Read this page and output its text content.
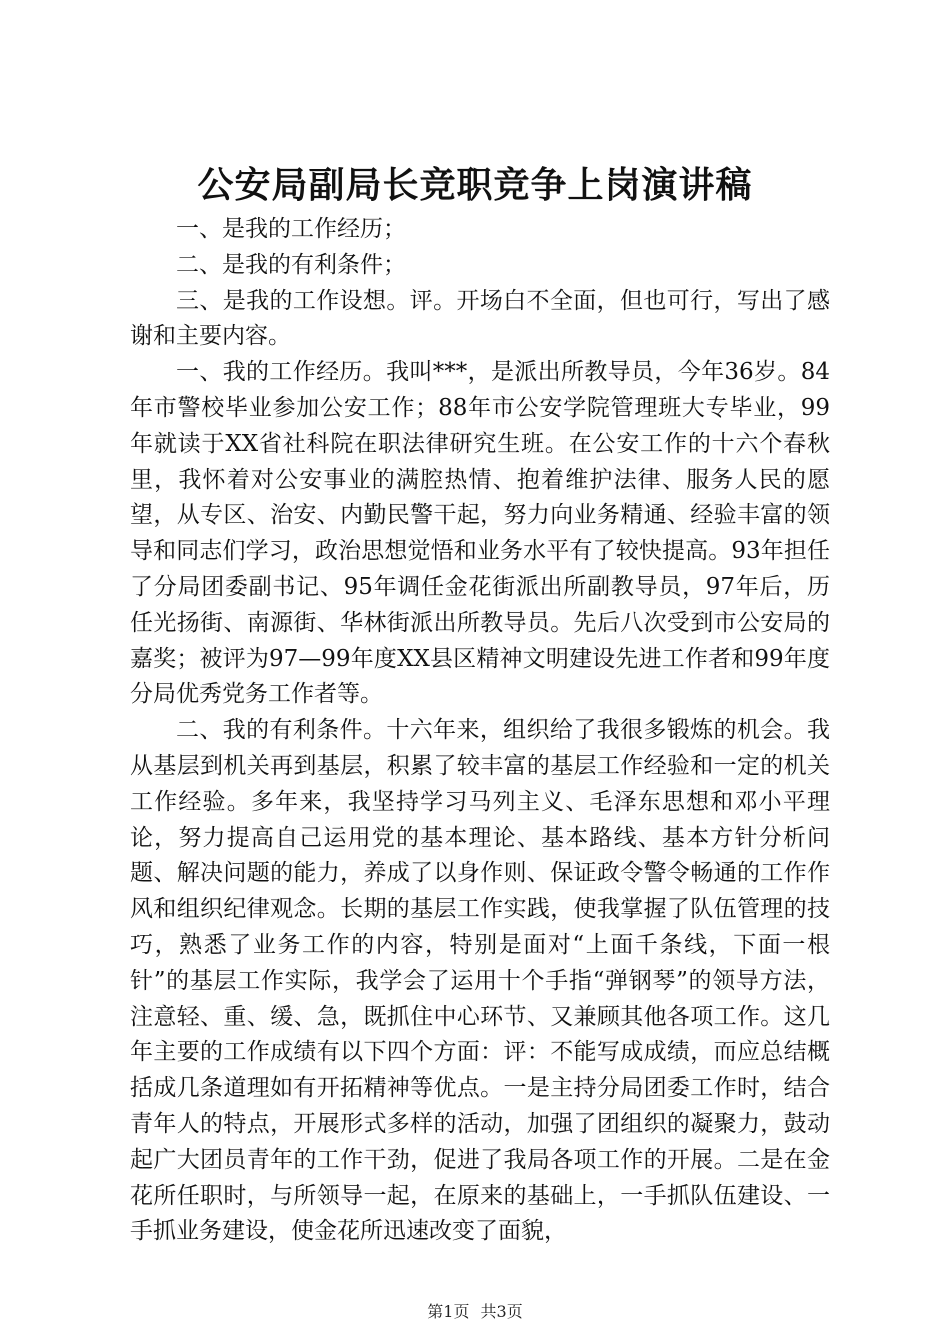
公安局副局长竞职竞争上岗演讲稿

一、是我的工作经历；

二、是我的有利条件；

三、是我的工作设想。评。开场白不全面，但也可行，写出了感谢和主要内容。

一、我的工作经历。我叫***，是派出所教导员，今年36岁。84年市警校毕业参加公安工作；88年市公安学院管理班大专毕业，99年就读于XX省社科院在职法律研究生班。在公安工作的十六个春秋里，我怀着对公安事业的满腔热情、抱着维护法律、服务人民的愿望，从专区、治安、内勤民警干起，努力向业务精通、经验丰富的领导和同志们学习，政治思想觉悟和业务水平有了较快提高。93年担任了分局团委副书记、95年调任金花街派出所副教导员，97年后，历任光扬街、南源街、华林街派出所教导员。先后八次受到市公安局的嘉奖；被评为97—99年度XX县区精神文明建设先进工作者和99年度分局优秀党务工作者等。

二、我的有利条件。十六年来，组织给了我很多锻炼的机会。我从基层到机关再到基层，积累了较丰富的基层工作经验和一定的机关工作经验。多年来，我坚持学习马列主义、毛泽东思想和邓小平理论，努力提高自己运用党的基本理论、基本路线、基本方针分析问题、解决问题的能力，养成了以身作则、保证政令警令畅通的工作作风和组织纪律观念。长期的基层工作实践，使我掌握了队伍管理的技巧，熟悉了业务工作的内容，特别是面对“上面千条线，下面一根针”的基层工作实际，我学会了运用十个手指“弹钢琴”的领导方法，注意轻、重、缓、急，既抓住中心环节、又兼顾其他各项工作。这几年主要的工作成绩有以下四个方面：评：不能写成成绩，而应总结概括成几条道理如有开拓精神等优点。一是主持分局团委工作时，结合青年人的特点，开展形式多样的活动，加强了团组织的凝聚力，鼓动起广大团员青年的工作干劲，促进了我局各项工作的开展。二是在金花所任职时，与所领导一起，在原来的基础上，一手抓队伍建设、一手抓业务建设，使金花所迅速改变了面貌，

第1页 共3页
